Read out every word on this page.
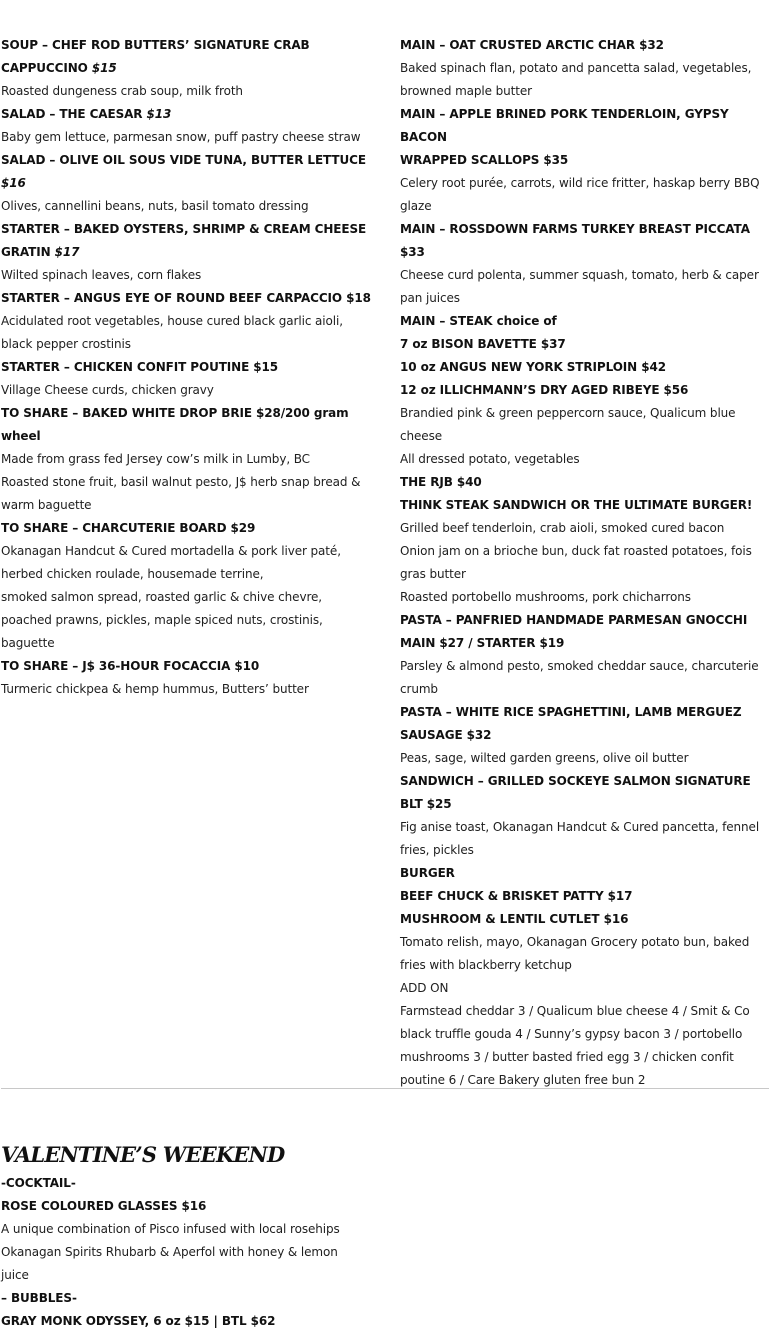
SOUP – CHEF ROD BUTTERS’ SIGNATURE CRAB

CAPPUCCINO $15

Roasted dungeness crab soup, milk froth

SALAD – THE CAESAR $13

Baby gem lettuce, parmesan snow, puff pastry cheese straw

SALAD – OLIVE OIL SOUS VIDE TUNA, BUTTER LETTUCE

$16

Olives, cannellini beans, nuts, basil tomato dressing

STARTER – BAKED OYSTERS, SHRIMP & CREAM CHEESE

GRATIN $17

Wilted spinach leaves, corn flakes

STARTER – ANGUS EYE OF ROUND BEEF CARPACCIO $18

Acidulated root vegetables, house cured black garlic aioli,

black pepper crostinis

STARTER – CHICKEN CONFIT POUTINE $15

Village Cheese curds, chicken gravy

TO SHARE – BAKED WHITE DROP BRIE $28/200 gram

wheel

Made from grass fed Jersey cow’s milk in Lumby, BC

Roasted stone fruit, basil walnut pesto, J$ herb snap bread &

warm baguette

TO SHARE – CHARCUTERIE BOARD $29

Okanagan Handcut & Cured mortadella & pork liver paté,

herbed chicken roulade, housemade terrine,

smoked salmon spread, roasted garlic & chive chevre,

poached prawns, pickles, maple spiced nuts, crostinis,

baguette

TO SHARE – J$ 36-HOUR FOCACCIA $10

Turmeric chickpea & hemp hummus, Butters’ butter

MAIN – OAT CRUSTED ARCTIC CHAR $32

Baked spinach flan, potato and pancetta salad, vegetables,

browned maple butter

MAIN – APPLE BRINED PORK TENDERLOIN, GYPSY BACON

WRAPPED SCALLOPS $35

Celery root purée, carrots, wild rice fritter, haskap berry BBQ

glaze

MAIN – ROSSDOWN FARMS TURKEY BREAST PICCATA $33

Cheese curd polenta, summer squash, tomato, herb & caper

pan juices

MAIN – STEAK choice of

7 oz BISON BAVETTE $37

10 oz ANGUS NEW YORK STRIPLOIN $42

12 oz ILLICHMANN’S DRY AGED RIBEYE $56

Brandied pink & green peppercorn sauce, Qualicum blue

cheese

All dressed potato, vegetables

THE RJB $40

THINK STEAK SANDWICH OR THE ULTIMATE BURGER!

Grilled beef tenderloin, crab aioli, smoked cured bacon

Onion jam on a brioche bun, duck fat roasted potatoes, fois

gras butter

Roasted portobello mushrooms, pork chicharrons

PASTA – PANFRIED HANDMADE PARMESAN GNOCCHI

MAIN $27 / STARTER $19

Parsley & almond pesto, smoked cheddar sauce, charcuterie

crumb

PASTA – WHITE RICE SPAGHETTINI, LAMB MERGUEZ

SAUSAGE $32

Peas, sage, wilted garden greens, olive oil butter

SANDWICH – GRILLED SOCKEYE SALMON SIGNATURE

BLT $25

Fig anise toast, Okanagan Handcut & Cured pancetta, fennel

fries, pickles

BURGER

BEEF CHUCK & BRISKET PATTY $17

MUSHROOM & LENTIL CUTLET $16

Tomato relish, mayo, Okanagan Grocery potato bun, baked

fries with blackberry ketchup

ADD ON

Farmstead cheddar 3 / Qualicum blue cheese 4 / Smit & Co

black truffle gouda 4 / Sunny’s gypsy bacon 3 / portobello

mushrooms 3 / butter basted fried egg 3 / chicken confit

poutine 6 / Care Bakery gluten free bun 2

VALENTINE’S WEEKEND

-COCKTAIL-

ROSE COLOURED GLASSES $16

A unique combination of Pisco infused with local rosehips

Okanagan Spirits Rhubarb & Aperfol with honey & lemon

juice

– BUBBLES-

GRAY MONK ODYSSEY, 6 oz $15 | BTL $62
